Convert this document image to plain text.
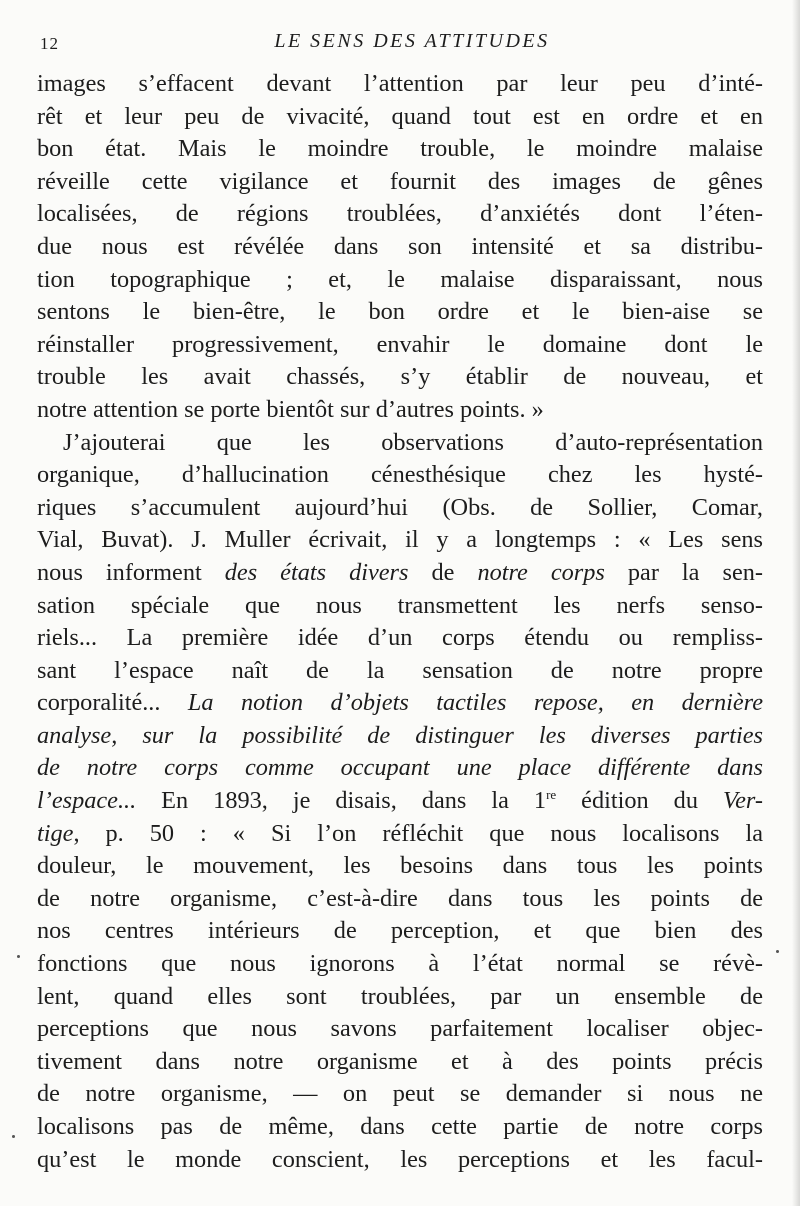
12	LE SENS DES ATTITUDES
images s’effacent devant l’attention par leur peu d’inté-
rêt et leur peu de vivacité, quand tout est en ordre et en
bon état. Mais le moindre trouble, le moindre malaise
réveille cette vigilance et fournit des images de gênes
localisées, de régions troublées, d’anxiétés dont l’éten-
due nous est révélée dans son intensité et sa distribu-
tion topographique ; et, le malaise disparaissant, nous
sentons le bien-être, le bon ordre et le bien-aise se
réinstaller progressivement, envahir le domaine dont le
trouble les avait chassés, s’y établir de nouveau, et
notre attention se porte bientôt sur d’autres points. »
J’ajouterai que les observations d’auto-représentation
organique, d’hallucination cénesthésique chez les hysté-
riques s’accumulent aujourd’hui (Obs. de Sollier, Comar,
Vial, Buvat). J. Muller écrivait, il y a longtemps : « Les sens
nous informent des états divers de notre corps par la sen-
sation spéciale que nous transmettent les nerfs senso-
riels... La première idée d’un corps étendu ou rempliss-
sant l’espace naît de la sensation de notre propre
corporalité... La notion d’objets tactiles repose, en dernière
analyse, sur la possibilité de distinguer les diverses parties
de notre corps comme occupant une place différente dans
l’espace... En 1893, je disais, dans la 1re édition du Ver-
tige, p. 50 : « Si l’on réfléchit que nous localisons la
douleur, le mouvement, les besoins dans tous les points
de notre organisme, c’est-à-dire dans tous les points de
nos centres intérieurs de perception, et que bien des
fonctions que nous ignorons à l’état normal se révè-
lent, quand elles sont troublées, par un ensemble de
perceptions que nous savons parfaitement localiser objec-
tivement dans notre organisme et à des points précis
de notre organisme, — on peut se demander si nous ne
localisons pas de même, dans cette partie de notre corps
qu’est le monde conscient, les perceptions et les facul-
